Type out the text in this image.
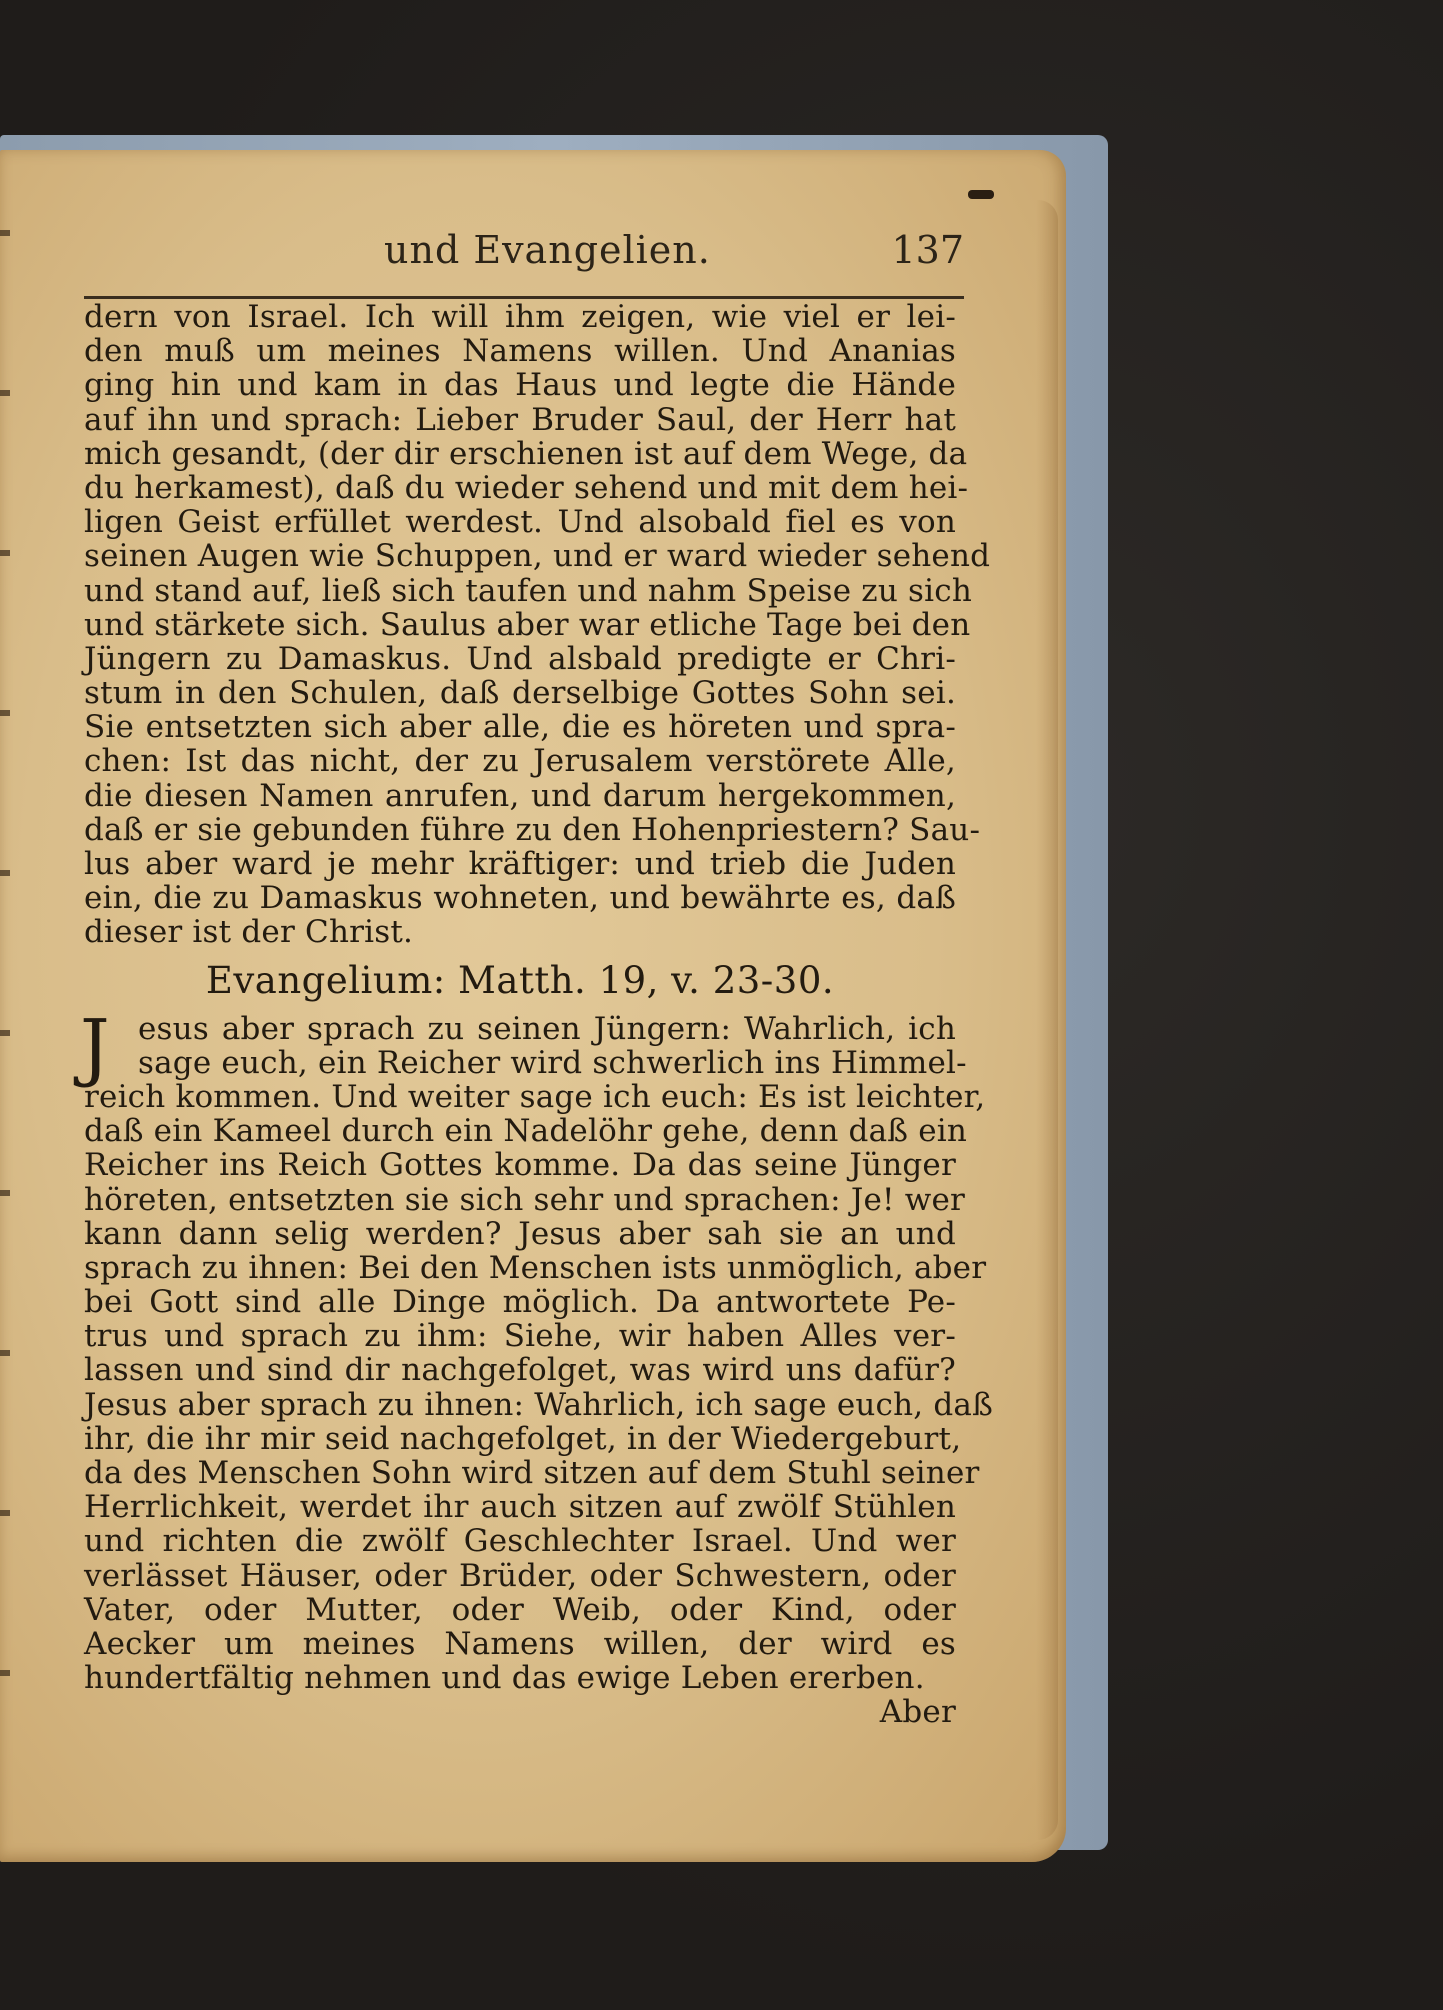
und Evangelien.	137
dern von Israel. Ich will ihm zeigen, wie viel er lei-
den muß um meines Namens willen. Und Ananias
ging hin und kam in das Haus und legte die Hände
auf ihn und sprach: Lieber Bruder Saul, der Herr hat
mich gesandt, (der dir erschienen ist auf dem Wege, da
du herkamest), daß du wieder sehend und mit dem hei-
ligen Geist erfüllet werdest. Und alsobald fiel es von
seinen Augen wie Schuppen, und er ward wieder sehend
und stand auf, ließ sich taufen und nahm Speise zu sich
und stärkete sich. Saulus aber war etliche Tage bei den
Jüngern zu Damaskus. Und alsbald predigte er Chri-
stum in den Schulen, daß derselbige Gottes Sohn sei.
Sie entsetzten sich aber alle, die es höreten und spra-
chen: Ist das nicht, der zu Jerusalem verstörete Alle,
die diesen Namen anrufen, und darum hergekommen,
daß er sie gebunden führe zu den Hohenpriestern? Sau-
lus aber ward je mehr kräftiger: und trieb die Juden
ein, die zu Damaskus wohneten, und bewährte es, daß
dieser ist der Christ.
Evangelium: Matth. 19, v. 23-30.
J esus aber sprach zu seinen Jüngern: Wahrlich, ich
sage euch, ein Reicher wird schwerlich ins Himmel-
reich kommen. Und weiter sage ich euch: Es ist leichter,
daß ein Kameel durch ein Nadelöhr gehe, denn daß ein
Reicher ins Reich Gottes komme. Da das seine Jünger
höreten, entsetzten sie sich sehr und sprachen: Je! wer
kann dann selig werden? Jesus aber sah sie an und
sprach zu ihnen: Bei den Menschen ists unmöglich, aber
bei Gott sind alle Dinge möglich. Da antwortete Pe-
trus und sprach zu ihm: Siehe, wir haben Alles ver-
lassen und sind dir nachgefolget, was wird uns dafür?
Jesus aber sprach zu ihnen: Wahrlich, ich sage euch, daß
ihr, die ihr mir seid nachgefolget, in der Wiedergeburt,
da des Menschen Sohn wird sitzen auf dem Stuhl seiner
Herrlichkeit, werdet ihr auch sitzen auf zwölf Stühlen
und richten die zwölf Geschlechter Israel. Und wer
verlässet Häuser, oder Brüder, oder Schwestern, oder
Vater, oder Mutter, oder Weib, oder Kind, oder
Aecker um meines Namens willen, der wird es
hundertfältig nehmen und das ewige Leben ererben.
Aber
